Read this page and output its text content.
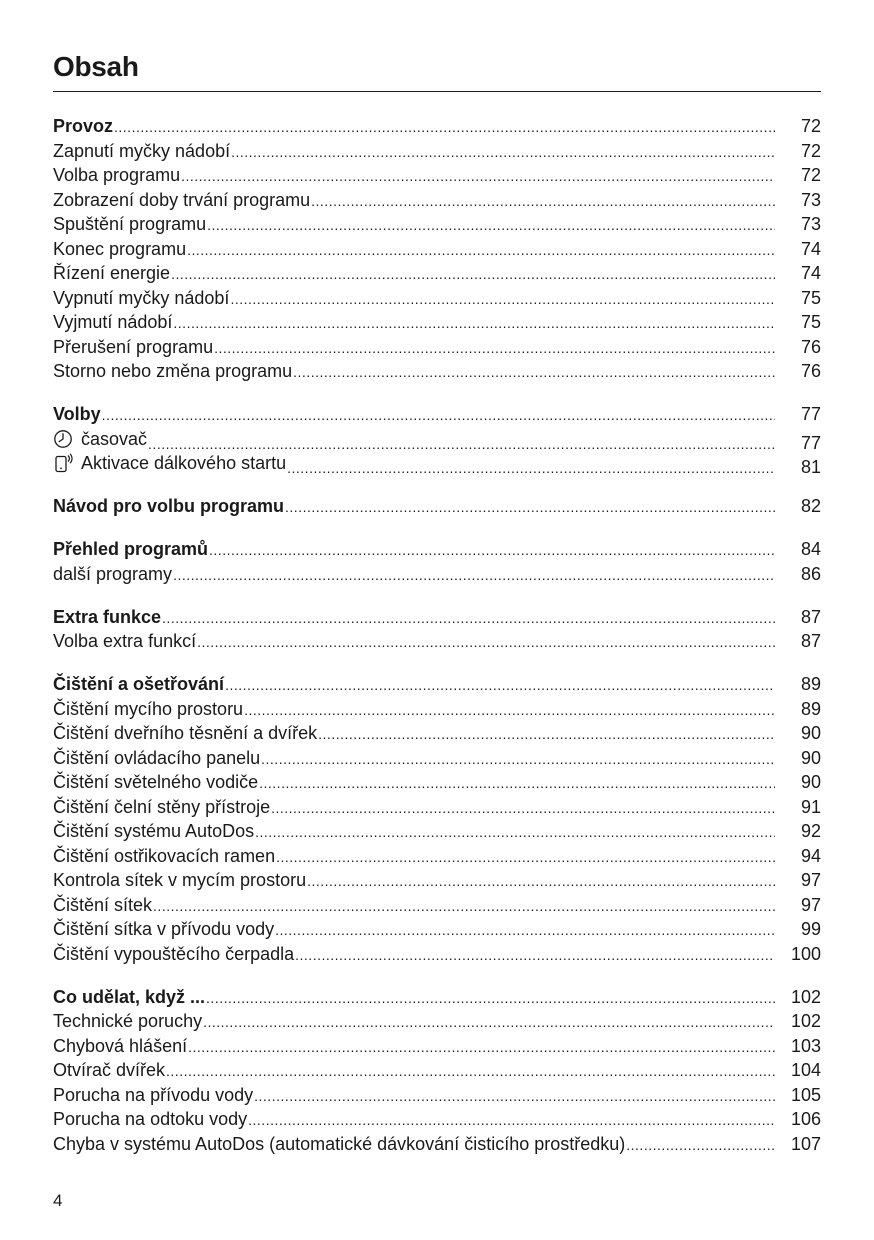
Obsah
Provoz .....	72
Zapnutí myčky nádobí .....	72
Volba programu .....	72
Zobrazení doby trvání programu .....	73
Spuštění programu .....	73
Konec programu .....	74
Řízení energie .....	74
Vypnutí myčky nádobí .....	75
Vyjmutí nádobí .....	75
Přerušení programu .....	76
Storno nebo změna programu .....	76
Volby .....	77
časovač .....	77
Aktivace dálkového startu .....	81
Návod pro volbu programu .....	82
Přehled programů .....	84
další programy .....	86
Extra funkce .....	87
Volba extra funkcí .....	87
Čištění a ošetřování .....	89
Čištění mycího prostoru .....	89
Čištění dveřního těsnění a dvířek .....	90
Čištění ovládacího panelu .....	90
Čištění světelného vodiče .....	90
Čištění čelní stěny přístroje .....	91
Čištění systému AutoDos .....	92
Čištění ostřikovacích ramen .....	94
Kontrola sítek v mycím prostoru .....	97
Čištění sítek .....	97
Čištění sítka v přívodu vody .....	99
Čištění vypouštěcího čerpadla .....	100
Co udělat, když ... .....	102
Technické poruchy .....	102
Chybová hlášení .....	103
Otvírač dvířek .....	104
Porucha na přívodu vody .....	105
Porucha na odtoku vody .....	106
Chyba v systému AutoDos (automatické dávkování čisticího prostředku) .....	107
4
